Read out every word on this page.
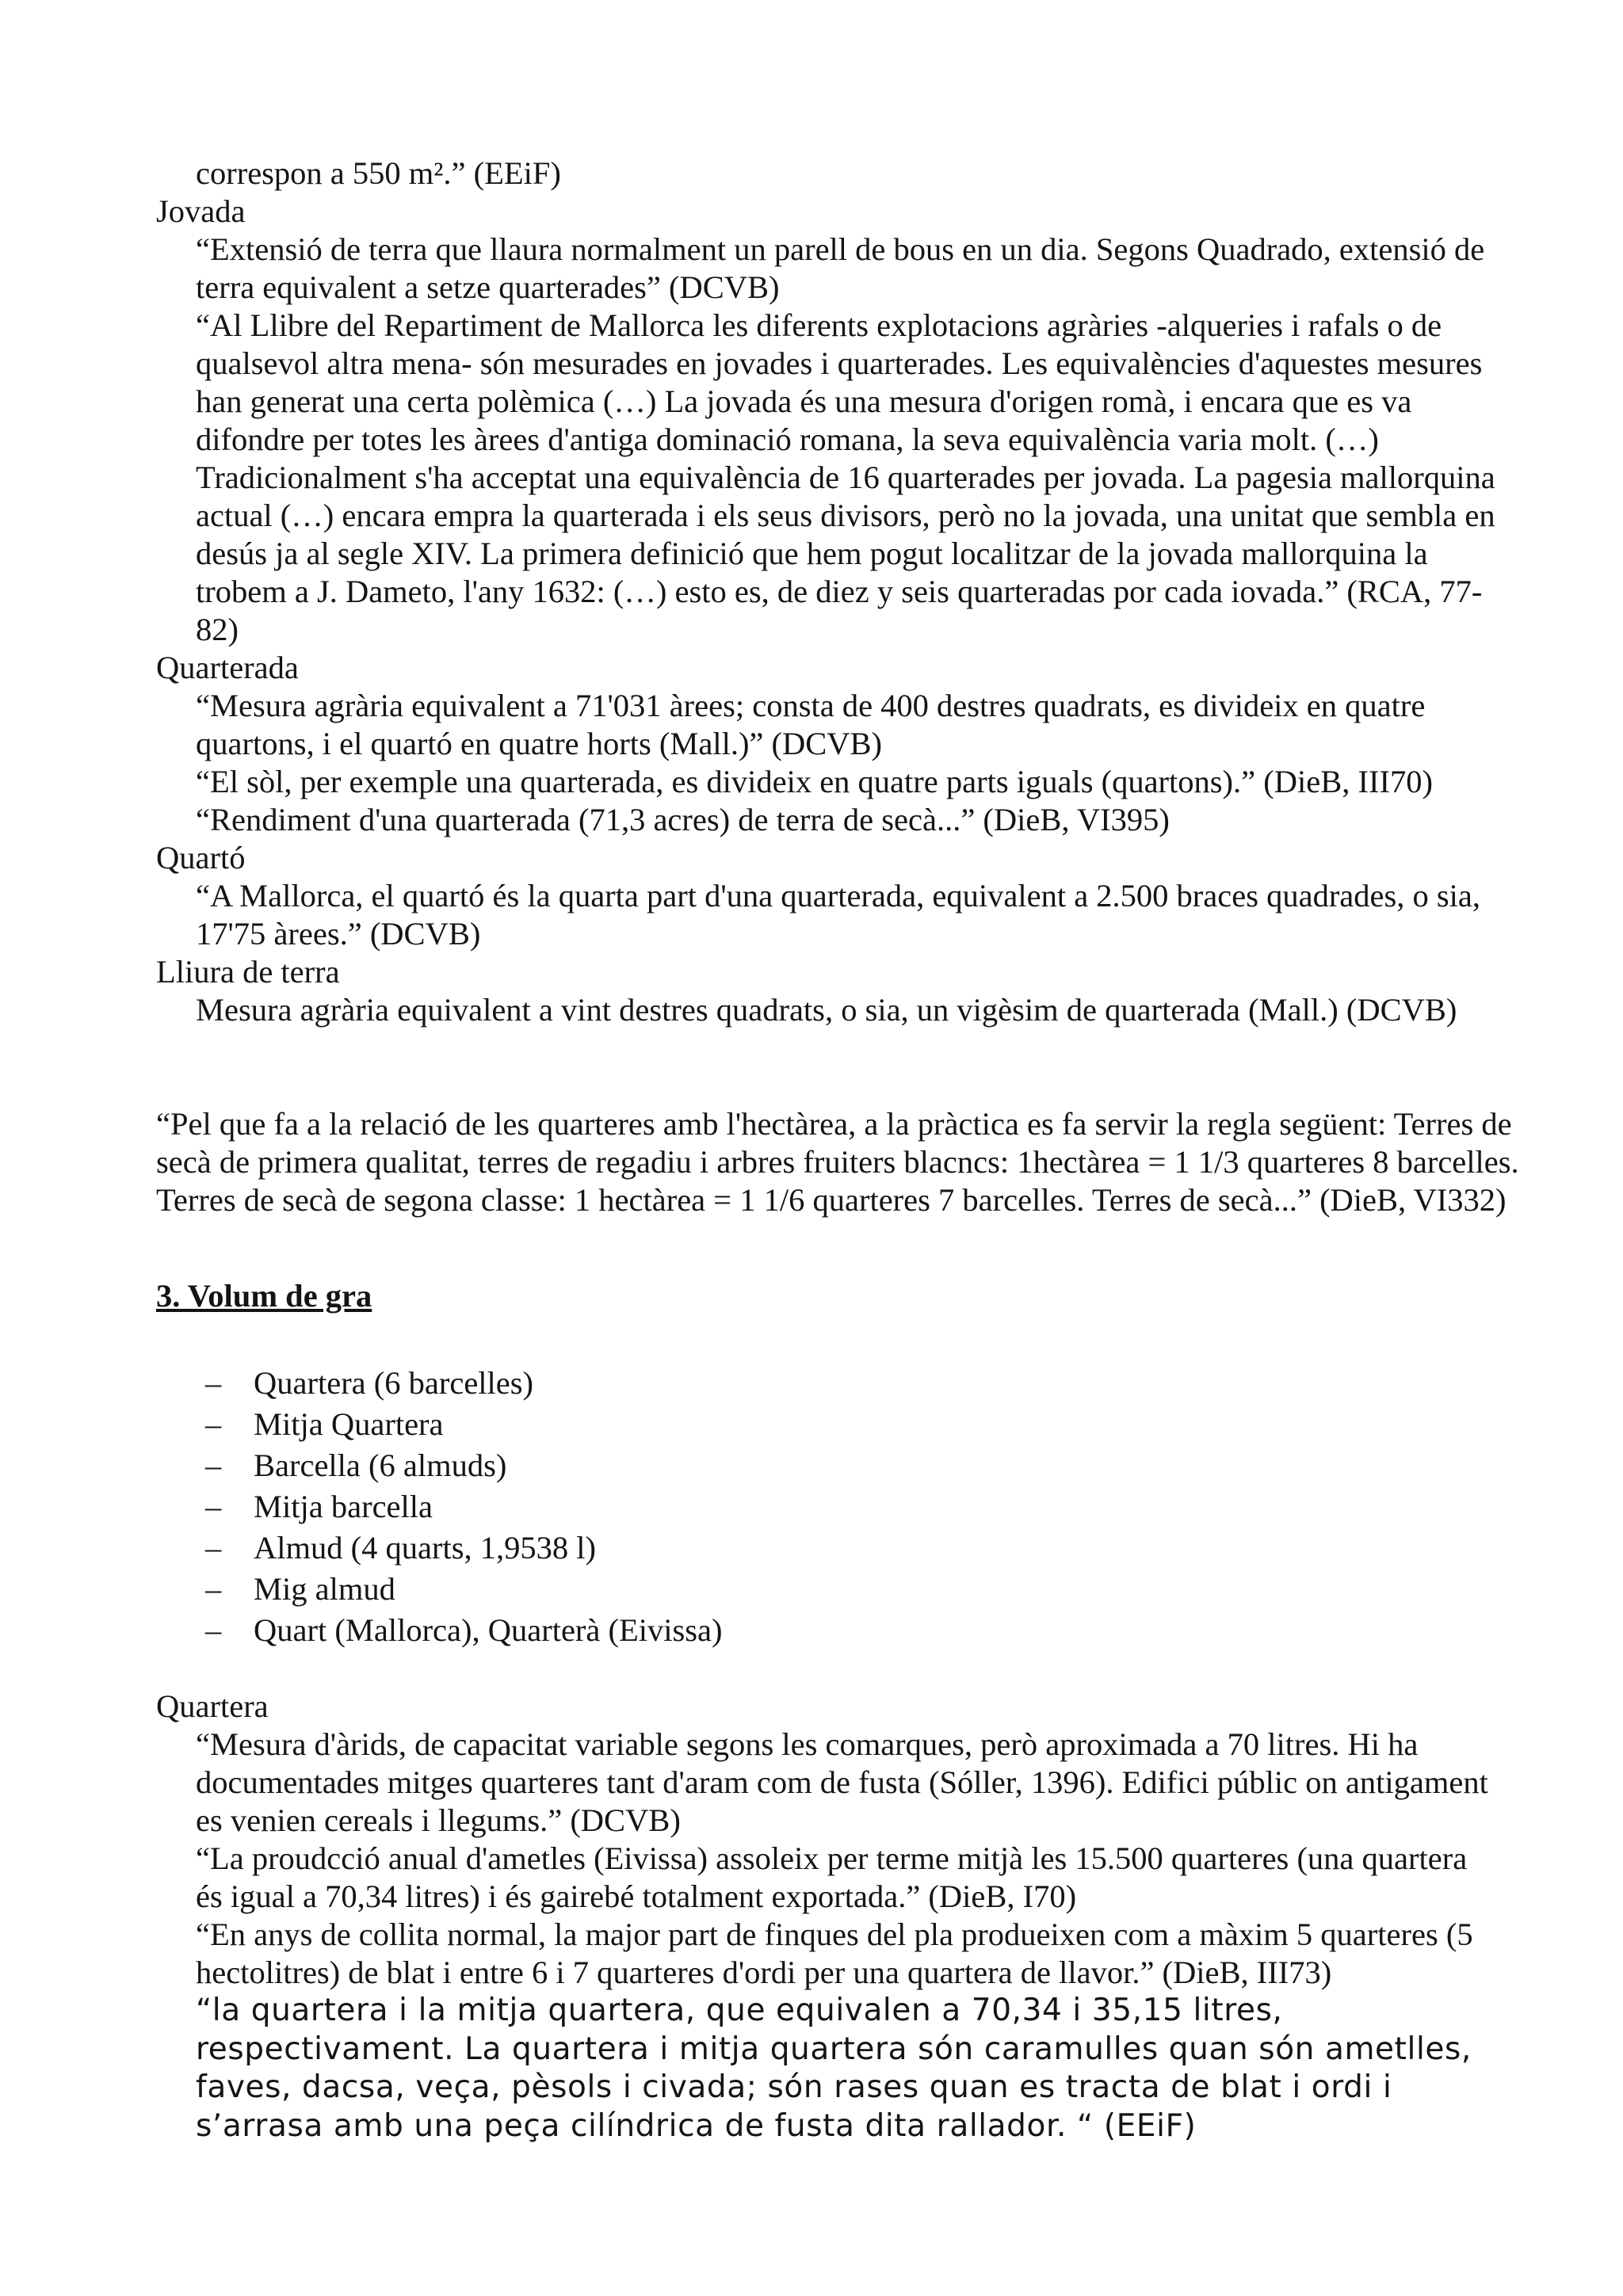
correspon a 550 m².” (EEiF)
Jovada
“Extensió de terra que llaura normalment un parell de bous en un dia. Segons Quadrado, extensió de terra equivalent a setze quarterades” (DCVB)
“Al Llibre del Repartiment de Mallorca les diferents explotacions agràries -alqueries i rafals o de qualsevol altra mena- són mesurades en jovades i quarterades. Les equivalències d'aquestes mesures han generat una certa polèmica (…) La jovada és una mesura d'origen romà, i encara que es va difondre per totes les àrees d'antiga dominació romana, la seva equivalència varia molt. (…) Tradicionalment s'ha acceptat una equivalència de 16 quarterades per jovada. La pagesia mallorquina actual (…) encara empra la quarterada i els seus divisors, però no la jovada, una unitat que sembla en desús ja al segle XIV. La primera definició que hem pogut localitzar de la jovada mallorquina la trobem a J. Dameto, l'any 1632: (…) esto es, de diez y seis quarteradas por cada iovada.” (RCA, 77-82)
Quarterada
“Mesura agrària equivalent a 71'031 àrees; consta de 400 destres quadrats, es divideix en quatre quartons, i el quartó en quatre horts (Mall.)” (DCVB)
“El sòl, per exemple una quarterada, es divideix en quatre parts iguals (quartons).” (DieB, III70)
“Rendiment d'una quarterada (71,3 acres) de terra de secà...” (DieB, VI395)
Quartó
“A Mallorca, el quartó és la quarta part d'una quarterada, equivalent a 2.500 braces quadrades, o sia, 17'75 àrees.” (DCVB)
Lliura de terra
Mesura agrària equivalent a vint destres quadrats, o sia, un vigèsim de quarterada (Mall.) (DCVB)
“Pel que fa a la relació de les quarteres amb l'hectàrea, a la pràctica es fa servir la regla següent: Terres de secà de primera qualitat, terres de regadiu i arbres fruiters blacncs: 1hectàrea = 1 1/3 quarteres 8 barcelles. Terres de secà de segona classe: 1 hectàrea = 1 1/6 quarteres 7 barcelles. Terres de secà...” (DieB, VI332)
3. Volum de gra
– Quartera (6 barcelles)
– Mitja Quartera
– Barcella (6 almuds)
– Mitja barcella
– Almud (4 quarts, 1,9538 l)
– Mig almud
– Quart (Mallorca), Quarterà (Eivissa)
Quartera
“Mesura d'àrids, de capacitat variable segons les comarques, però aproximada a 70 litres. Hi ha documentades mitges quarteres tant d'aram com de fusta (Sóller, 1396). Edifici públic on antigament es venien cereals i llegums.” (DCVB)
“La proudcció anual d'ametles (Eivissa) assoleix per terme mitjà les 15.500 quarteres (una quartera és igual a 70,34 litres) i és gairebé totalment exportada.” (DieB, I70)
“En anys de collita normal, la major part de finques del pla produeixen com a màxim 5 quarteres (5 hectolitres) de blat i entre 6 i 7 quarteres d'ordi per una quartera de llavor.” (DieB, III73)
“la quartera i la mitja quartera, que equivalen a 70,34 i 35,15 litres, respectivament. La quartera i mitja quartera són caramulles quan són ametlles, faves, dacsa, veça, pèsols i civada; són rases quan es tracta de blat i ordi i s’arrasa amb una peça cilíndrica de fusta dita rallador. “ (EEiF)
